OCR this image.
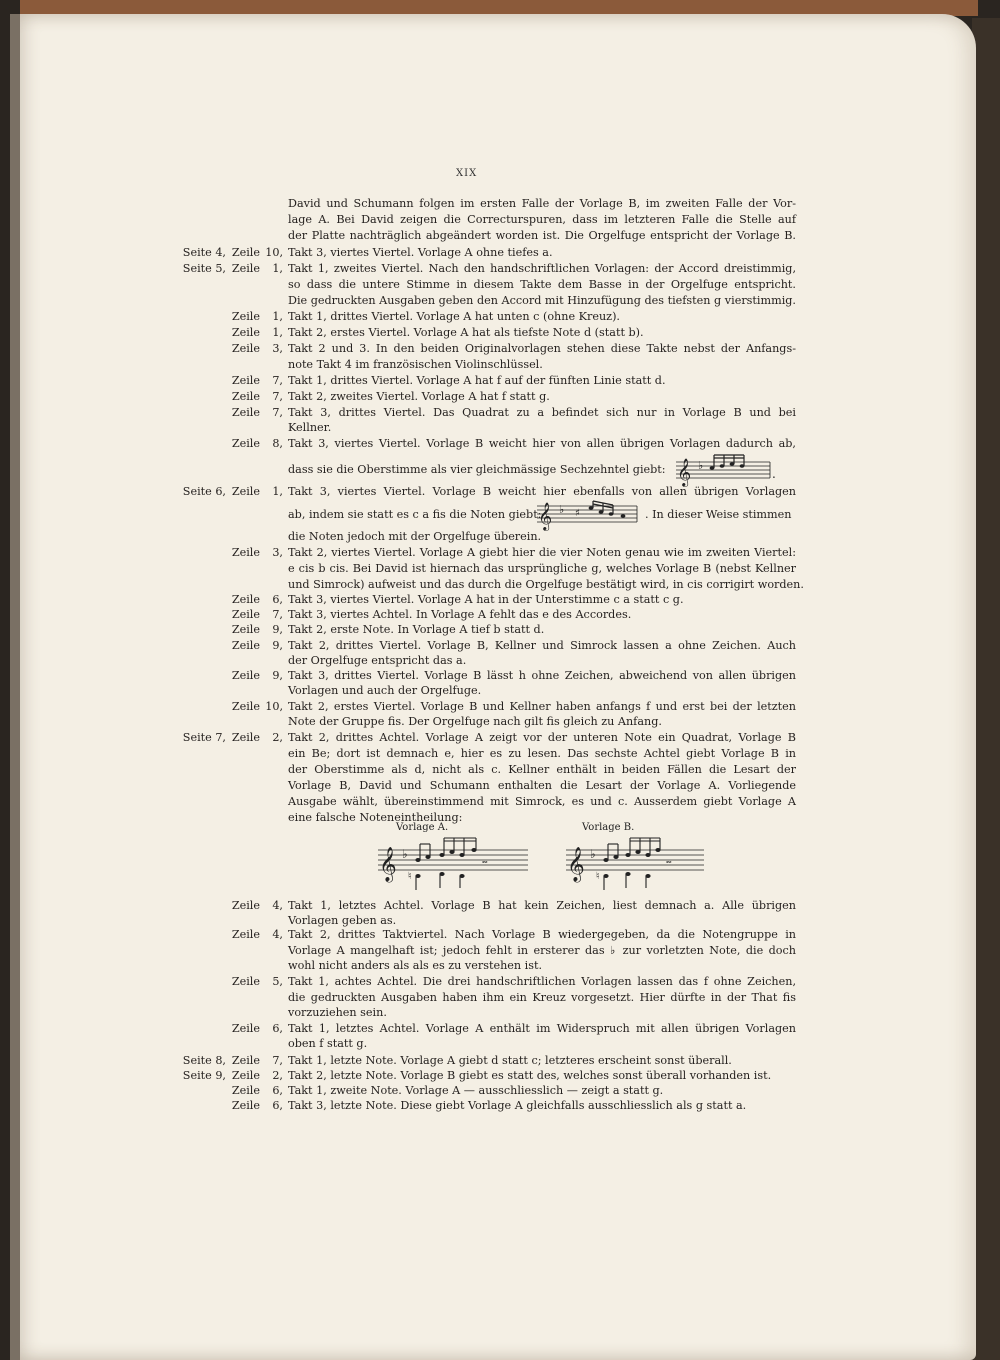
XIX
David und Schumann folgen im ersten Falle der Vorlage B, im zweiten Falle der Vor-
lage A. Bei David zeigen die Correcturspuren, dass im letzteren Falle die Stelle auf
der Platte nachträglich abgeändert worden ist. Die Orgelfuge entspricht der Vorlage B.
Seite 4, Zeile 10, Takt 3, viertes Viertel. Vorlage A ohne tiefes a.
Seite 5, Zeile	1, Takt 1, zweites Viertel. Nach den handschriftlichen Vorlagen: der Accord dreistimmig,
so dass die untere Stimme in diesem Takte dem Basse in der Orgelfuge entspricht.
Die gedruckten Ausgaben geben den Accord mit Hinzufügung des tiefsten g vierstimmig.
Zeile	1, Takt 1, drittes Viertel. Vorlage A hat unten c (ohne Kreuz).
Zeile	1, Takt 2, erstes Viertel. Vorlage A hat als tiefste Note d (statt b).
Zeile	3, Takt 2 und 3. In den beiden Originalvorlagen stehen diese Takte nebst der Anfangs-
note Takt 4 im französischen Violinschlüssel.
Zeile	7, Takt 1, drittes Viertel. Vorlage A hat f auf der fünften Linie statt d.
Zeile	7, Takt 2, zweites Viertel. Vorlage A hat f statt g.
Zeile	7, Takt 3, drittes Viertel. Das Quadrat zu a befindet sich nur in Vorlage B und bei
Kellner.
Zeile	8, Takt 3, viertes Viertel. Vorlage B weicht hier von allen übrigen Vorlagen dadurch ab,
dass sie die Oberstimme als vier gleichmässige Sechzehntel giebt: 𝄞 ♭
.
Seite 6, Zeile	1, Takt 3, viertes Viertel. Vorlage B weicht hier ebenfalls von allen übrigen Vorlagen
ab, indem sie statt es c a fis die Noten giebt:	. In dieser Weise stimmen
𝄞 ♭ ♯
die Noten jedoch mit der Orgelfuge überein.
Zeile	3, Takt 2, viertes Viertel. Vorlage A giebt hier die vier Noten genau wie im zweiten Viertel:
e cis b cis. Bei David ist hiernach das ursprüngliche g, welches Vorlage B (nebst Kellner
und Simrock) aufweist und das durch die Orgelfuge bestätigt wird, in cis corrigirt worden.
Zeile	6, Takt 3, viertes Viertel. Vorlage A hat in der Unterstimme c a statt c g.
Zeile	7, Takt 3, viertes Achtel. In Vorlage A fehlt das e des Accordes.
Zeile	9, Takt 2, erste Note. In Vorlage A tief b statt d.
Zeile	9, Takt 2, drittes Viertel. Vorlage B, Kellner und Simrock lassen a ohne Zeichen. Auch
der Orgelfuge entspricht das a.
Zeile	9, Takt 3, drittes Viertel. Vorlage B lässt h ohne Zeichen, abweichend von allen übrigen
Vorlagen und auch der Orgelfuge.
Zeile 10, Takt 2, erstes Viertel. Vorlage B und Kellner haben anfangs f und erst bei der letzten
Note der Gruppe fis. Der Orgelfuge nach gilt fis gleich zu Anfang.
Seite 7, Zeile	2, Takt 2, drittes Achtel. Vorlage A zeigt vor der unteren Note ein Quadrat, Vorlage B
ein Be; dort ist demnach e, hier es zu lesen. Das sechste Achtel giebt Vorlage B in
der Oberstimme als d, nicht als c. Kellner enthält in beiden Fällen die Lesart der
Vorlage B, David und Schumann enthalten die Lesart der Vorlage A. Vorliegende
Ausgabe wählt, übereinstimmend mit Simrock, es und c. Ausserdem giebt Vorlage A
eine falsche Noteneintheilung:
Vorlage A.	Vorlage B.
𝄞 ♭
𝆗
♮	𝄞 ♭
𝆗
♮
Zeile	4, Takt 1, letztes Achtel. Vorlage B hat kein Zeichen, liest demnach a. Alle übrigen
Vorlagen geben as.
Zeile	4, Takt 2, drittes Taktviertel. Nach Vorlage B wiedergegeben, da die Notengruppe in
Vorlage A mangelhaft ist; jedoch fehlt in ersterer das ♭ zur vorletzten Note, die doch
wohl nicht anders als als es zu verstehen ist.
Zeile	5, Takt 1, achtes Achtel. Die drei handschriftlichen Vorlagen lassen das f ohne Zeichen,
die gedruckten Ausgaben haben ihm ein Kreuz vorgesetzt. Hier dürfte in der That fis
vorzuziehen sein.
Zeile	6, Takt 1, letztes Achtel. Vorlage A enthält im Widerspruch mit allen übrigen Vorlagen
oben f statt g.
Seite 8, Zeile	7, Takt 1, letzte Note. Vorlage A giebt d statt c; letzteres erscheint sonst überall.
Seite 9, Zeile	2, Takt 2, letzte Note. Vorlage B giebt es statt des, welches sonst überall vorhanden ist.
Zeile	6, Takt 1, zweite Note. Vorlage A — ausschliesslich — zeigt a statt g.
Zeile	6, Takt 3, letzte Note. Diese giebt Vorlage A gleichfalls ausschliesslich als g statt a.
